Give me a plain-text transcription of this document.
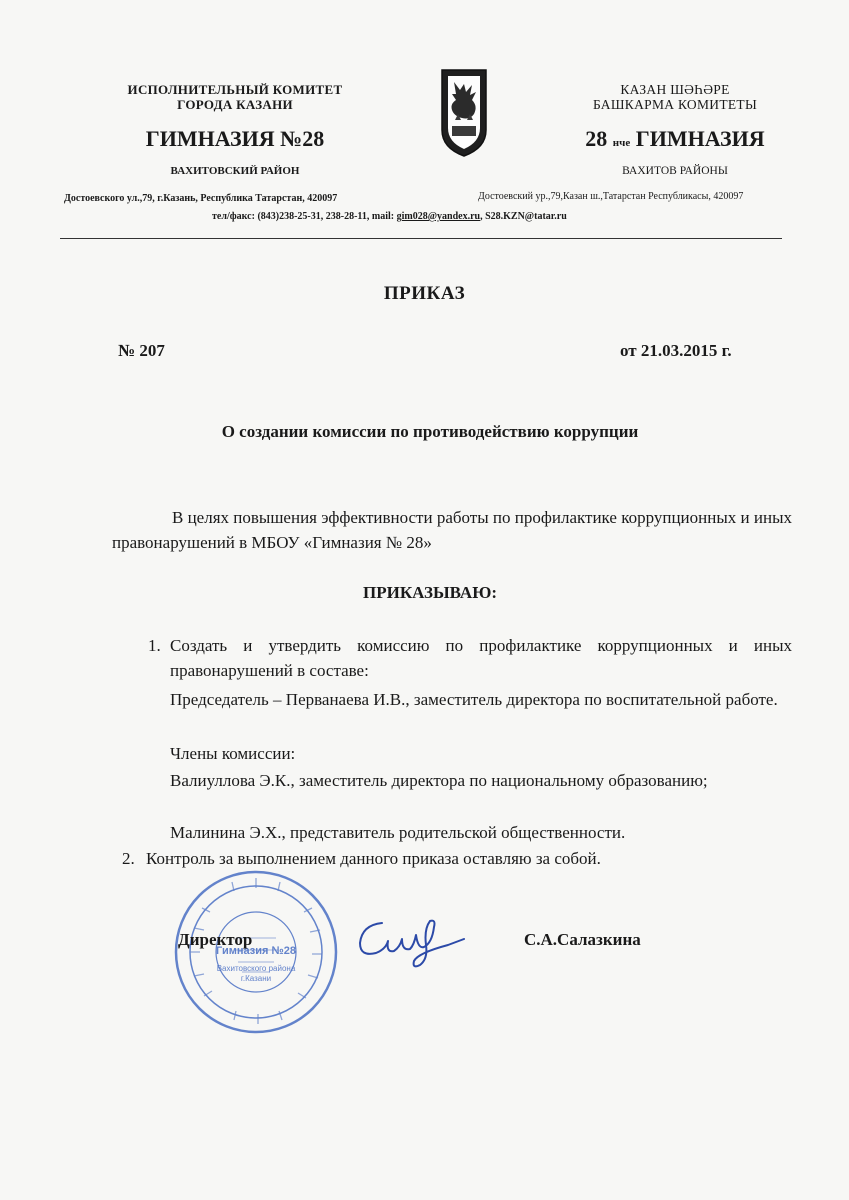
ИСПОЛНИТЕЛЬНЫЙ КОМИТЕТ
ГОРОДА КАЗАНИ
ГИМНАЗИЯ №28
ВАХИТОВСКИЙ РАЙОН
КАЗАН ШӘҺӘРЕ
БАШКАРМА КОМИТЕТЫ
28 нче ГИМНАЗИЯ
ВАХИТОВ РАЙОНЫ
Достоевского ул.,79, г.Казань, Республика Татарстан, 420097	Достоевский ур.,79,Казан ш.,Татарстан Республикасы, 420097
тел/факс: (843)238-25-31, 238-28-11, mail: gim028@yandex.ru, S28.KZN@tatar.ru
ПРИКАЗ
№ 207	от 21.03.2015 г.
О создании комиссии по противодействию коррупции
В целях повышения эффективности работы по профилактике коррупционных и иных правонарушений в МБОУ «Гимназия № 28»
ПРИКАЗЫВАЮ:
1. Создать и утвердить комиссию по профилактике коррупционных и иных правонарушений в составе:
Председатель – Перванаева И.В., заместитель директора по воспитательной работе.
Члены комиссии:
Валиуллова Э.К., заместитель директора по национальному образованию;
Малинина Э.Х., представитель родительской общественности.
2. Контроль за выполнением данного приказа оставляю за собой.
Гимназия №28
Вахитовского района г.Казани
Директор	С.А.Салазкина
